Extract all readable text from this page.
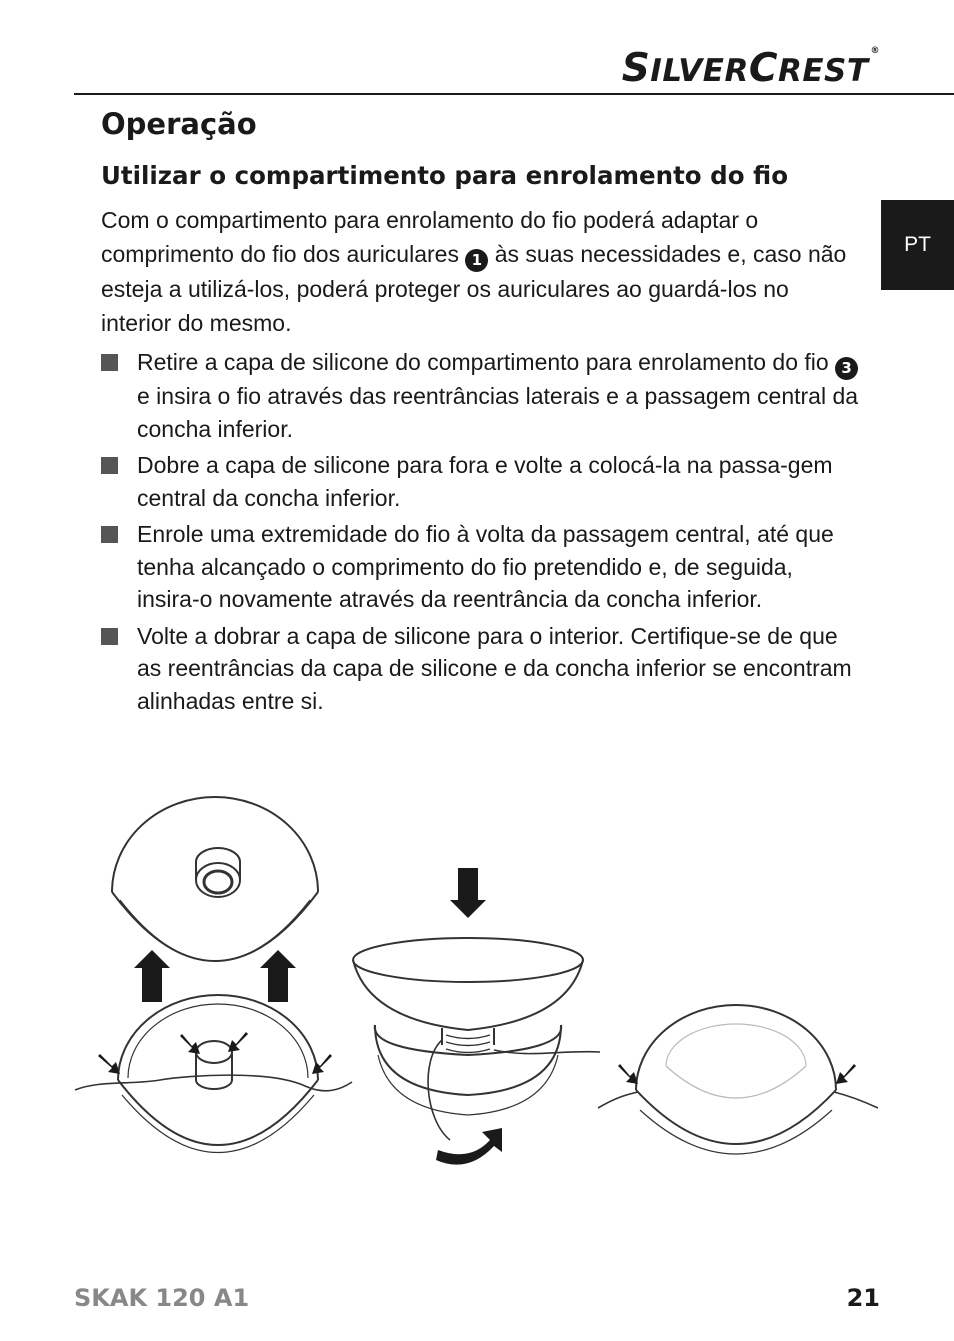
SILVERCREST®
PT
Operação
Utilizar o compartimento para enrolamento do fio

Com o compartimento para enrolamento do fio poderá adaptar o comprimento do fio dos auriculares 1 às suas necessidades e, caso não esteja a utilizá-los, poderá proteger os auriculares ao guardá-los no interior do mesmo.

Retire a capa de silicone do compartimento para enrolamento do fio 3 e insira o fio através das reentrâncias laterais e a passagem central da concha inferior.
Dobre a capa de silicone para fora e volte a colocá-la na passa-gem central da concha inferior.
Enrole uma extremidade do fio à volta da passagem central, até que tenha alcançado o comprimento do fio pretendido e, de seguida, insira-o novamente através da reentrância da concha inferior.
Volte a dobrar a capa de silicone para o interior. Certifique-se de que as reentrâncias da capa de silicone e da concha inferior se encontram alinhadas entre si.
SKAK 120 A1	21
